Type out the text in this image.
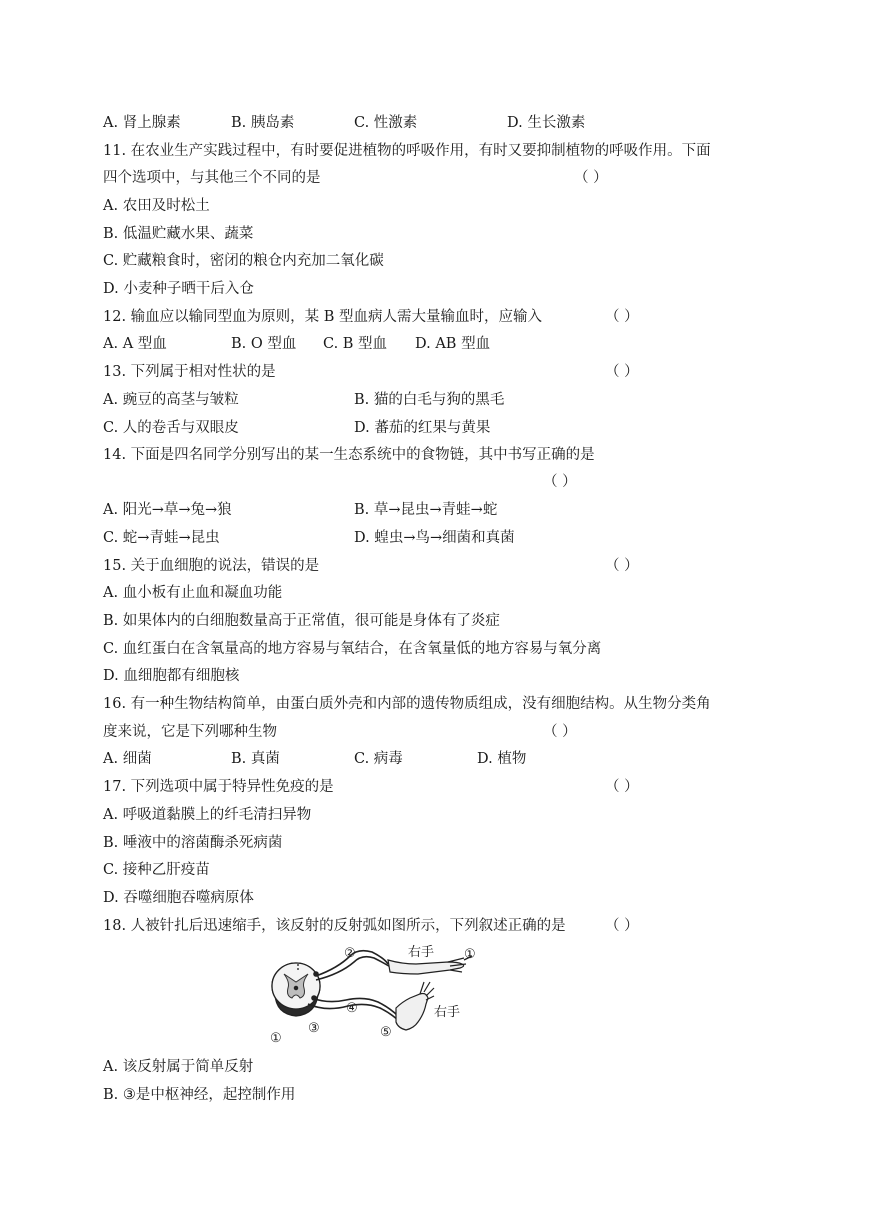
A. 肾上腺素	B. 胰岛素	C. 性激素	D. 生长激素
11. 在农业生产实践过程中，有时要促进植物的呼吸作用，有时又要抑制植物的呼吸作用。下面
四个选项中，与其他三个不同的是	（ ）
A. 农田及时松土
B. 低温贮藏水果、蔬菜
C. 贮藏粮食时，密闭的粮仓内充加二氧化碳
D. 小麦种子晒干后入仓
12. 输血应以输同型血为原则，某 B 型血病人需大量输血时，应输入	（ ）
A. A 型血	B. O 型血 C. B 型血 D. AB 型血
13. 下列属于相对性状的是	（ ）
A. 豌豆的高茎与皱粒	B. 猫的白毛与狗的黑毛
C. 人的卷舌与双眼皮	D. 蕃茄的红果与黄果
14. 下面是四名同学分别写出的某一生态系统中的食物链，其中书写正确的是
（ ）
A. 阳光→草→兔→狼	B. 草→昆虫→青蛙→蛇
C. 蛇→青蛙→昆虫	D. 蝗虫→鸟→细菌和真菌
15. 关于血细胞的说法，错误的是	（ ）
A. 血小板有止血和凝血功能
B. 如果体内的白细胞数量高于正常值，很可能是身体有了炎症
C. 血红蛋白在含氧量高的地方容易与氧结合，在含氧量低的地方容易与氧分离
D. 血细胞都有细胞核
16. 有一种生物结构简单，由蛋白质外壳和内部的遗传物质组成，没有细胞结构。从生物分类角
度来说，它是下列哪种生物	（ ）
A. 细菌	B. 真菌	C. 病毒	D. 植物
17. 下列选项中属于特异性免疫的是	（ ）
A. 呼吸道黏膜上的纤毛清扫异物
B. 唾液中的溶菌酶杀死病菌
C. 接种乙肝疫苗
D. 吞噬细胞吞噬病原体
18. 人被针扎后迅速缩手，该反射的反射弧如图所示，下列叙述正确的是	（ ）
②	右手 ①
④
③	⑤
右手
①
A. 该反射属于简单反射
B. ③是中枢神经，起控制作用
